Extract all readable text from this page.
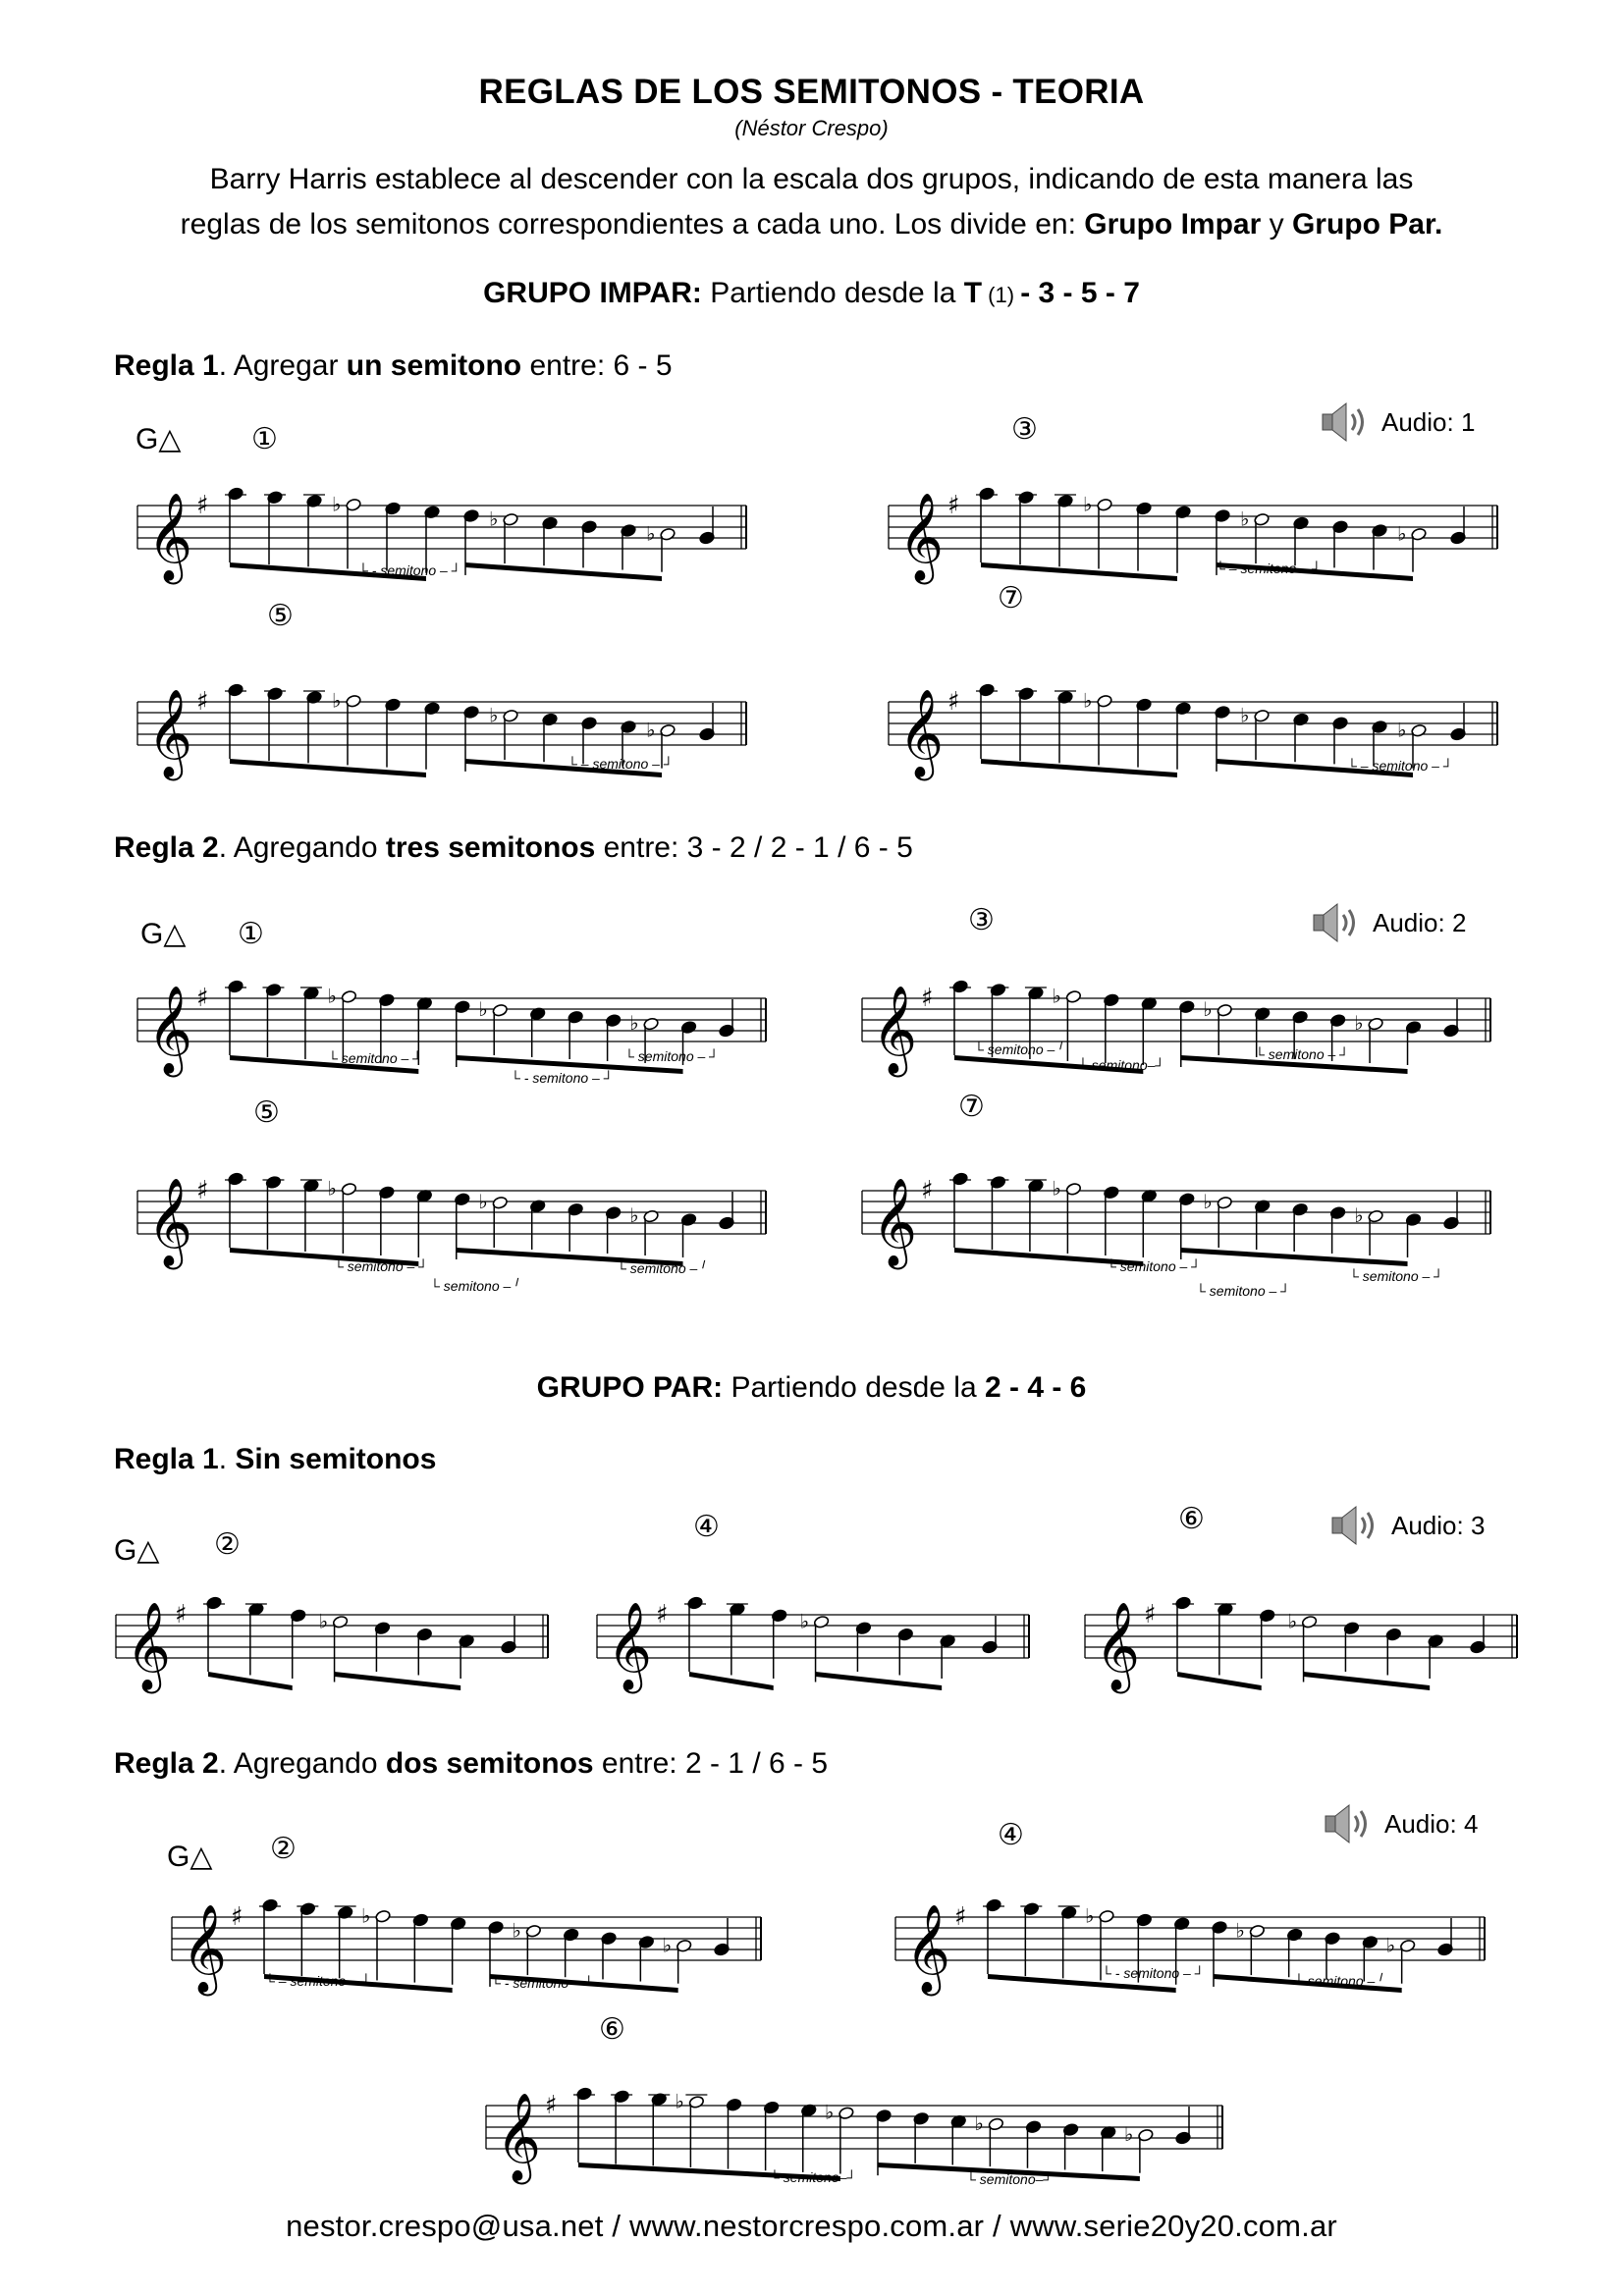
REGLAS DE LOS SEMITONOS - TEORIA
(Néstor Crespo)
Barry Harris establece al descender con la escala dos grupos, indicando de esta manera las
reglas de los semitonos correspondientes a cada uno. Los divide en: Grupo Impar y Grupo Par.
GRUPO IMPAR: Partiendo desde la T (1) - 3 - 5 - 7
Regla 1. Agregar un semitono entre: 6 - 5
Audio: 1
G△ ①
𝄞 ♯	♭
♭
♭
└ - semitono – ┘
③
𝄞 ♯	♭
♭
♭
└ – semitono – ┘
⑤
𝄞 ♯	♭
♭
♭
└ – semitono – ┘
⑦
𝄞 ♯	♭
♭
♭
└ – semitono – ┘
Regla 2. Agregando tres semitonos entre: 3 - 2 / 2 - 1 / 6 - 5
Audio: 2
G△ ①
𝄞 ♯	♭
♭
♭
└ semitono – ┘	└ semitono – ┘
└ - semitono – ┘
③
𝄞 ♯	♭
♭
♭
└ semitono –╵
└ semitono–┘
└ semitono – ┘
⑤
𝄞 ♯	♭
♭
♭
└ semitono – ┘
└ semitono –╵
└ semitono –╵
⑦
𝄞 ♯	♭
♭
♭
└ semitono – ┘
└ semitono – ┘
└ semitono – ┘
GRUPO PAR: Partiendo desde la 2 - 4 - 6
Regla 1. Sin semitonos
Audio: 3
G△ ②
𝄞 ♯	♭
④
𝄞 ♯	♭
⑥
𝄞 ♯	♭
Regla 2. Agregando dos semitonos entre: 2 - 1 / 6 - 5
Audio: 4
G△ ②
𝄞 ♯	♭
♭
♭
└ – semitono – ┘	└ - semitono – ┘
④
𝄞 ♯	♭
♭
♭
└ - semitono – ┘	└ semitono –╵
⑥
𝄞 ♯	♭	♭	♭	♭
└ semitono–┘	└ semitono–┘
nestor.crespo@usa.net / www.nestorcrespo.com.ar / www.serie20y20.com.ar
